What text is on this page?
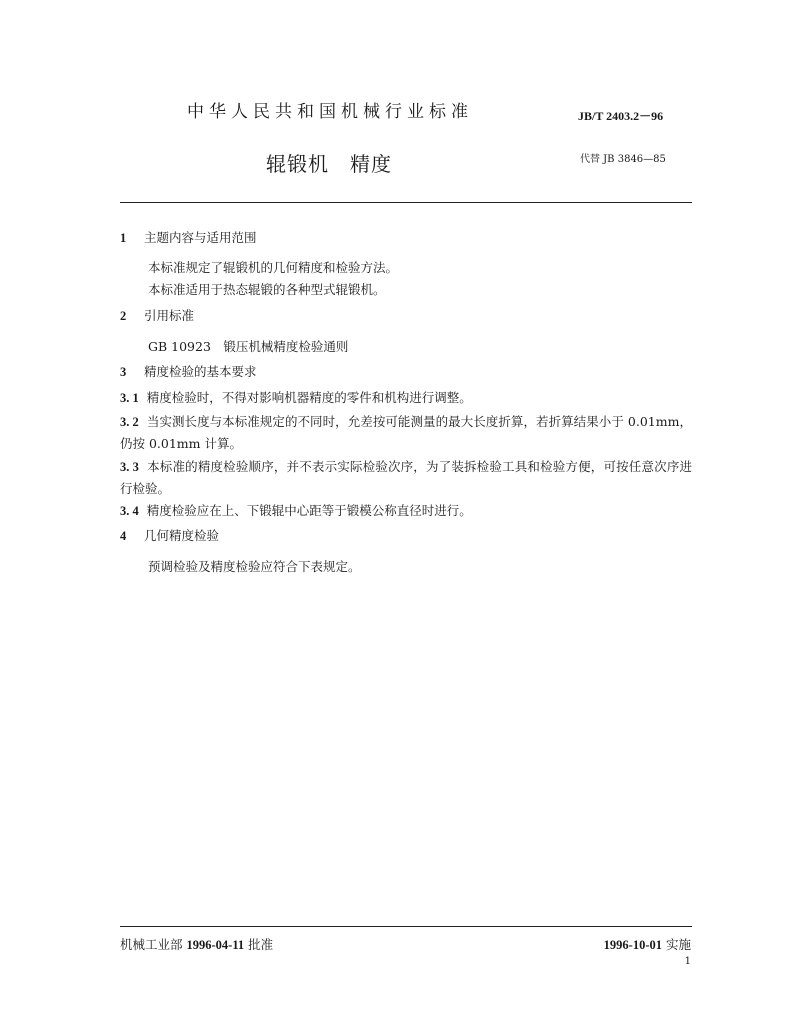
中华人民共和国机械行业标准	JB/T 2403.2－96
辊锻机　精度	代替 JB 3846—85
1 主题内容与适用范围
本标准规定了辊锻机的几何精度和检验方法。
本标准适用于热态辊锻的各种型式辊锻机。
2 引用标准
GB 10923　锻压机械精度检验通则
3 精度检验的基本要求
3. 1 精度检验时，不得对影响机器精度的零件和机构进行调整。
3. 2 当实测长度与本标准规定的不同时，允差按可能测量的最大长度折算，若折算结果小于 0.01mm，仍按 0.01mm 计算。
3. 3 本标准的精度检验顺序，并不表示实际检验次序，为了装拆检验工具和检验方便，可按任意次序进行检验。
3. 4 精度检验应在上、下锻辊中心距等于锻模公称直径时进行。
4 几何精度检验
预调检验及精度检验应符合下表规定。
机械工业部 1996-04-11 批准	1996-10-01 实施
1
